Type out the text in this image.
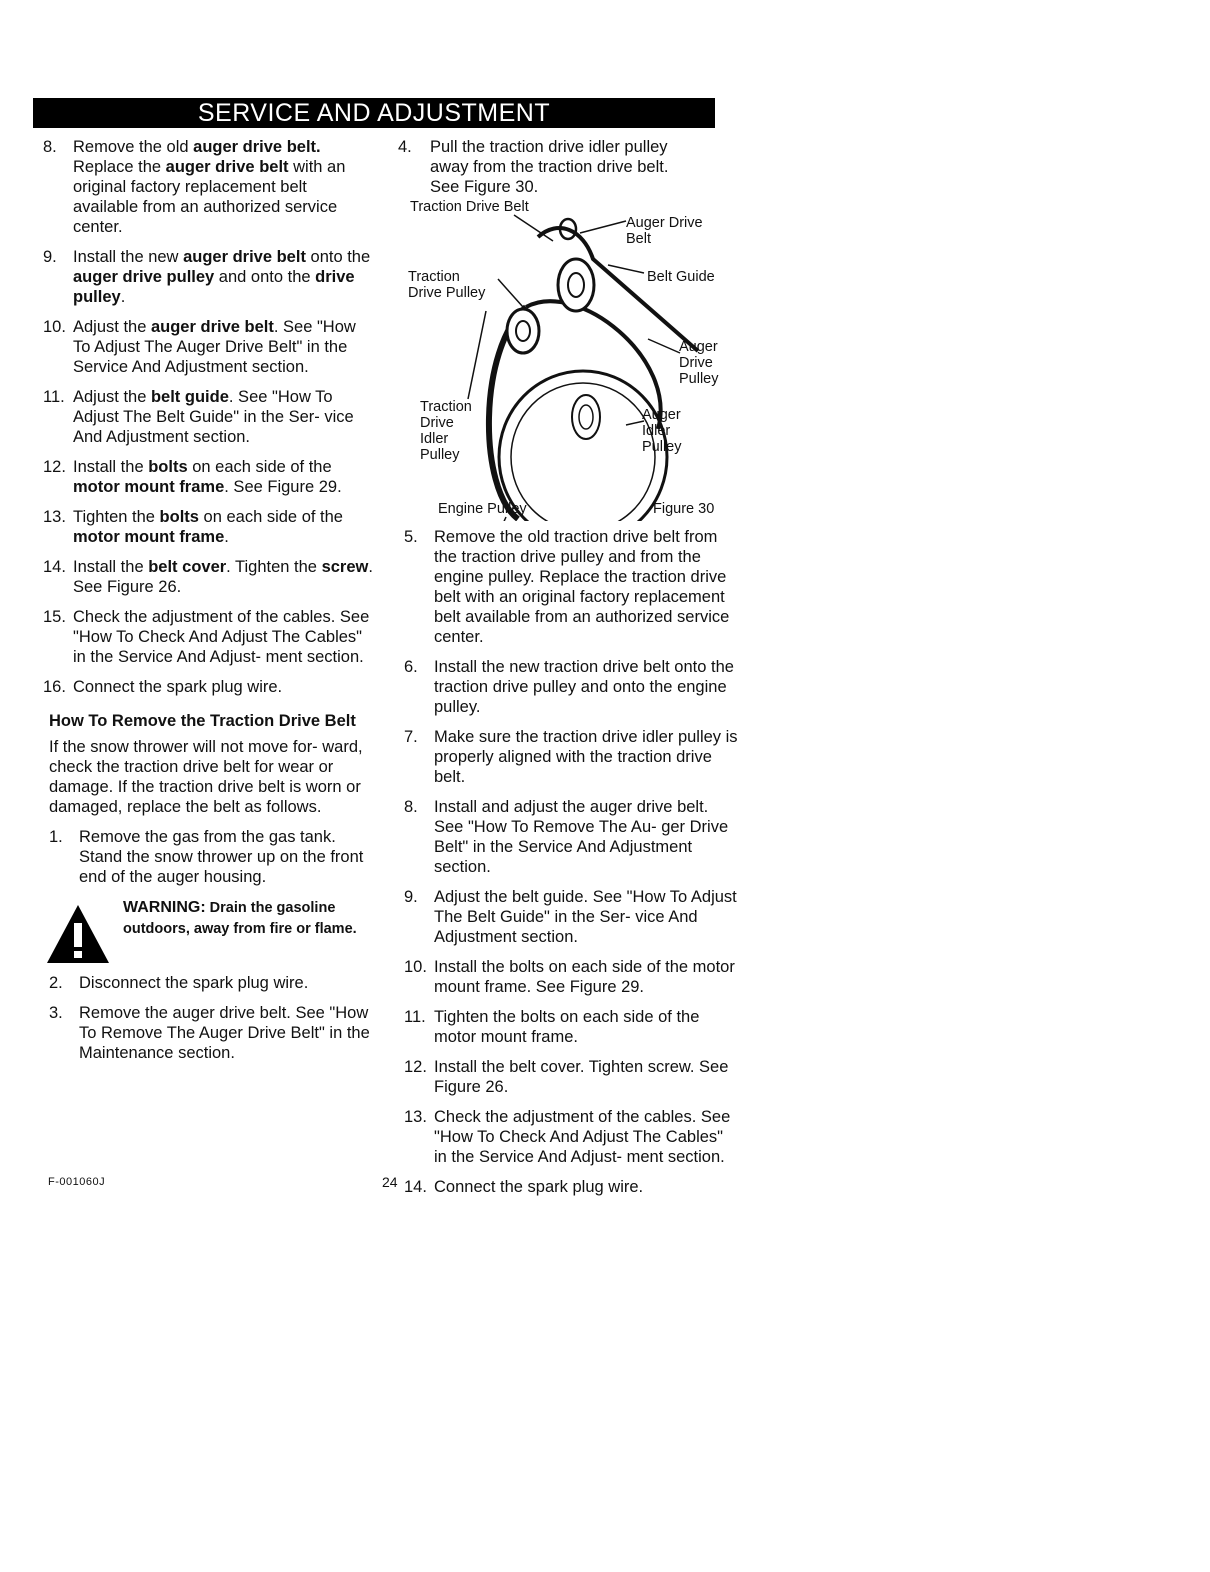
SERVICE AND ADJUSTMENT
8. Remove the old auger drive belt. Replace the auger drive belt with an original factory replacement belt available from an authorized service center.
9. Install the new auger drive belt onto the auger drive pulley and onto the drive pulley.
10. Adjust the auger drive belt. See "How To Adjust The Auger Drive Belt" in the Service And Adjustment section.
11. Adjust the belt guide. See "How To Adjust The Belt Guide" in the Ser- vice And Adjustment section.
12. Install the bolts on each side of the motor mount frame. See Figure 29.
13. Tighten the bolts on each side of the motor mount frame.
14. Install the belt cover. Tighten the screw. See Figure 26.
15. Check the adjustment of the cables. See "How To Check And Adjust The Cables" in the Service And Adjust- ment section.
16. Connect the spark plug wire.
How To Remove the Traction Drive Belt
If the snow thrower will not move for- ward, check the traction drive belt for wear or damage. If the traction drive belt is worn or damaged, replace the belt as follows.
1. Remove the gas from the gas tank. Stand the snow thrower up on the front end of the auger housing.
WARNING: Drain the gasoline outdoors, away from fire or flame.
2. Disconnect the spark plug wire.
3. Remove the auger drive belt. See "How To Remove The Auger Drive Belt" in the Maintenance section.
4.	Pull the traction drive idler pulley away from the traction drive belt. See Figure 30.
Traction Drive Belt
Auger Drive
Belt
Traction
Drive Pulley
Belt Guide
Auger
Drive
Pulley
Traction
Drive
Idler
Pulley
Auger
Idler
Pulley
Engine Pulley	Figure 30
5. Remove the old traction drive belt from the traction drive pulley and from the engine pulley. Replace the traction drive belt with an original factory replacement belt available from an authorized service center.
6. Install the new traction drive belt onto the traction drive pulley and onto the engine pulley.
7. Make sure the traction drive idler pulley is properly aligned with the traction drive belt.
8. Install and adjust the auger drive belt. See "How To Remove The Au- ger Drive Belt" in the Service And Adjustment section.
9. Adjust the belt guide. See "How To Adjust The Belt Guide" in the Ser- vice And Adjustment section.
10. Install the bolts on each side of the motor mount frame. See Figure 29.
11. Tighten the bolts on each side of the motor mount frame.
12. Install the belt cover. Tighten screw. See Figure 26.
13. Check the adjustment of the cables. See "How To Check And Adjust The Cables" in the Service And Adjust- ment section.
14. Connect the spark plug wire.
F-001060J	24
